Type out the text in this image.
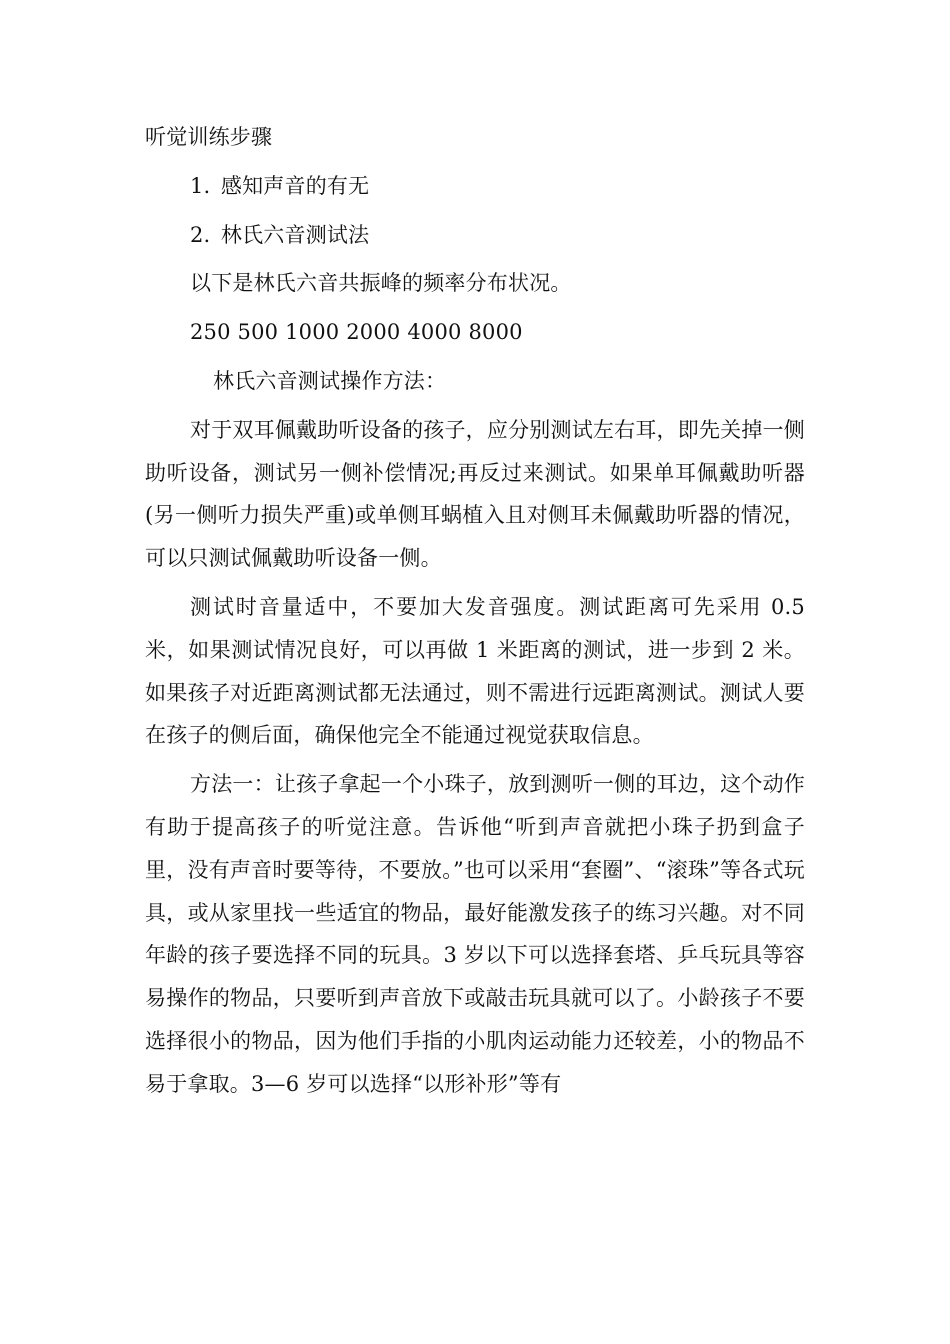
听觉训练步骤

1. 感知声音的有无

2. 林氏六音测试法

以下是林氏六音共振峰的频率分布状况。

250 500 1000 2000 4000 8000

林氏六音测试操作方法：

对于双耳佩戴助听设备的孩子，应分别测试左右耳，即先关掉一侧助听设备，测试另一侧补偿情况;再反过来测试。如果单耳佩戴助听器(另一侧听力损失严重)或单侧耳蜗植入且对侧耳未佩戴助听器的情况，可以只测试佩戴助听设备一侧。

测试时音量适中，不要加大发音强度。测试距离可先采用 0.5 米，如果测试情况良好，可以再做 1 米距离的测试，进一步到 2 米。如果孩子对近距离测试都无法通过，则不需进行远距离测试。测试人要在孩子的侧后面，确保他完全不能通过视觉获取信息。

方法一：让孩子拿起一个小珠子，放到测听一侧的耳边，这个动作有助于提高孩子的听觉注意。告诉他“听到声音就把小珠子扔到盒子里，没有声音时要等待，不要放。”也可以采用“套圈”、“滚珠”等各式玩具，或从家里找一些适宜的物品，最好能激发孩子的练习兴趣。对不同年龄的孩子要选择不同的玩具。3 岁以下可以选择套塔、乒乓玩具等容易操作的物品，只要听到声音放下或敲击玩具就可以了。小龄孩子不要选择很小的物品，因为他们手指的小肌肉运动能力还较差，小的物品不易于拿取。3—6 岁可以选择“以形补形”等有
